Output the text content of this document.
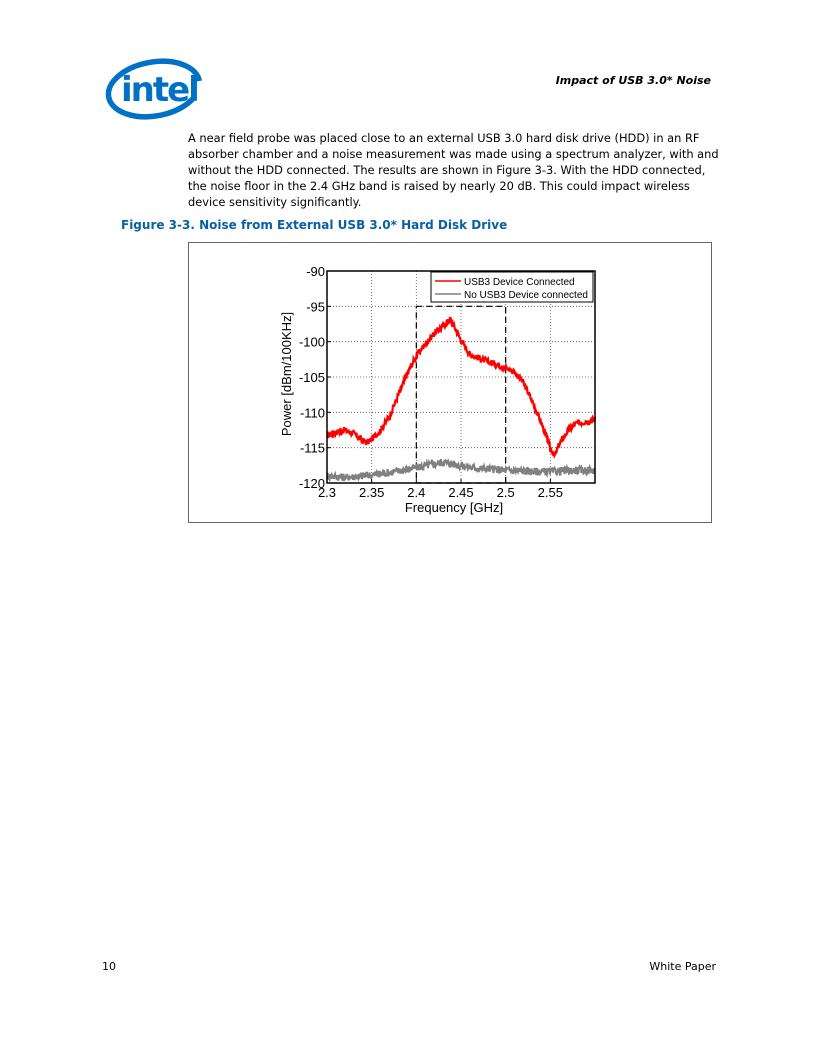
intel	Impact of USB 3.0* Noise
A near field probe was placed close to an external USB 3.0 hard disk drive (HDD) in an RF absorber chamber and a noise measurement was made using a spectrum analyzer, with and without the HDD connected. The results are shown in Figure 3-3. With the HDD connected, the noise floor in the 2.4 GHz band is raised by nearly 20 dB. This could impact wireless device sensitivity significantly.
Figure 3-3. Noise from External USB 3.0* Hard Disk Drive
-90
-95
-100
-105
-110
-115
-120
2.3 2.35 2.4 2.45 2.5 2.55
Frequency [GHz]
Power [dBm/100KHz]
USB3 Device Connected
No USB3 Device connected
10	White Paper
